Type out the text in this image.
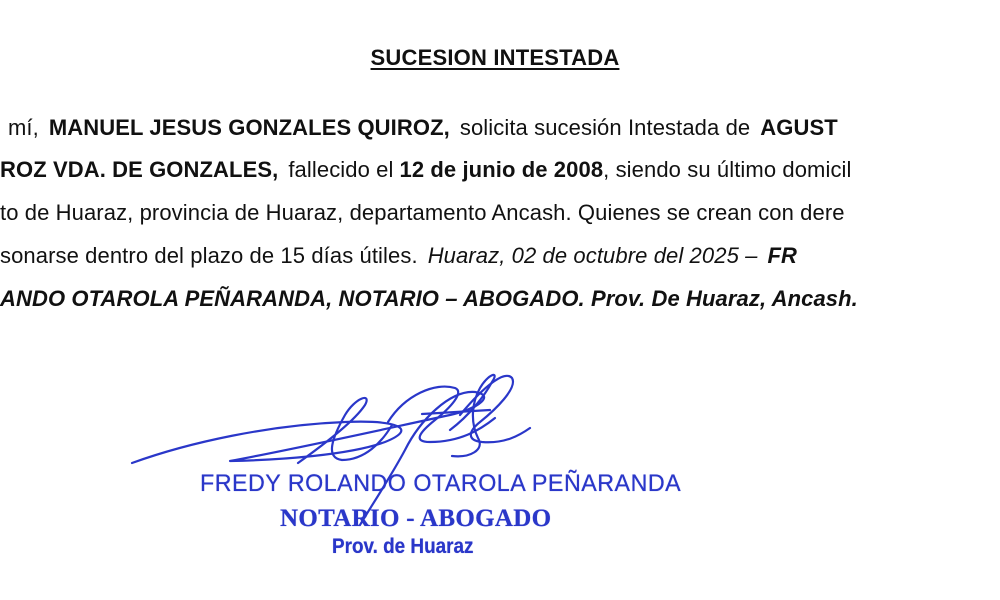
SUCESION INTESTADA
mí, MANUEL JESUS GONZALES QUIROZ, solicita sucesión Intestada de AGUST
ROZ VDA. DE GONZALES, fallecido el 12 de junio de 2008, siendo su último domicil
to de Huaraz, provincia de Huaraz, departamento Ancash. Quienes se crean con dere
sonarse dentro del plazo de 15 días útiles. Huaraz, 02 de octubre del 2025 – FR
ANDO OTAROLA PEÑARANDA, NOTARIO – ABOGADO. Prov. De Huaraz, Ancash.
FREDY ROLANDO OTAROLA PEÑARANDA
NOTARIO - ABOGADO
Prov. de Huaraz
